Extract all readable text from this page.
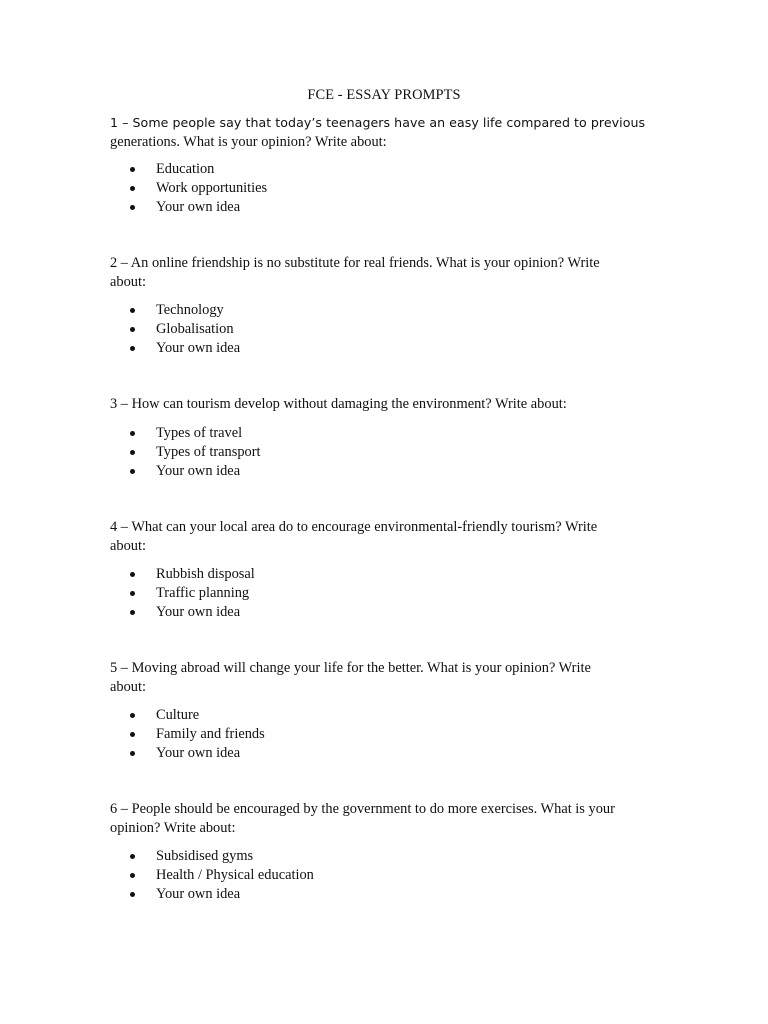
FCE - ESSAY PROMPTS

1 – Some people say that today’s teenagers have an easy life compared to previous
generations. What is your opinion? Write about:

Education
Work opportunities
Your own idea

2 – An online friendship is no substitute for real friends. What is your opinion? Write
about:

Technology
Globalisation
Your own idea

3 – How can tourism develop without damaging the environment? Write about:

Types of travel
Types of transport
Your own idea

4 – What can your local area do to encourage environmental-friendly tourism? Write
about:

Rubbish disposal
Traffic planning
Your own idea

5 – Moving abroad will change your life for the better. What is your opinion? Write
about:

Culture
Family and friends
Your own idea

6 – People should be encouraged by the government to do more exercises. What is your
opinion? Write about:

Subsidised gyms
Health / Physical education
Your own idea
